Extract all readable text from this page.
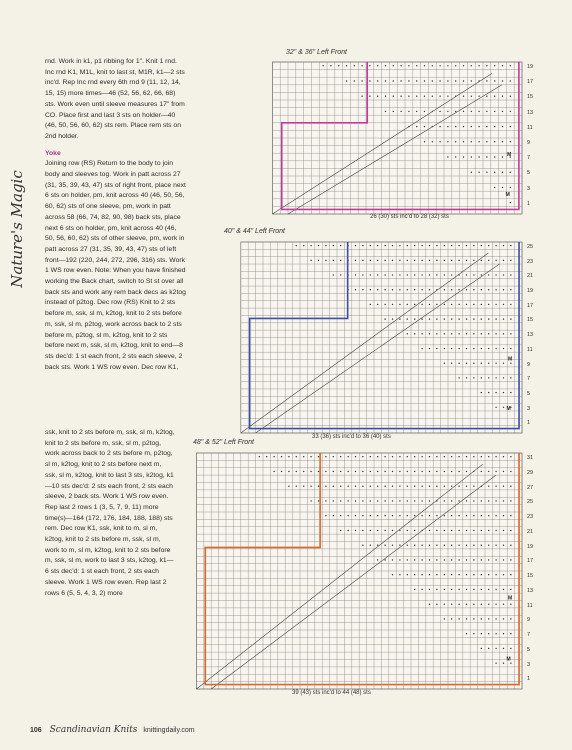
Nature's Magic

rnd. Work in k1, p1 ribbing for 1". Knit 1 rnd. Inc rnd K1, M1L, knit to last st, M1R, k1—2 sts inc'd. Rep Inc rnd every 6th rnd 9 (11, 12, 14, 15, 15) more times—46 (52, 56, 62, 66, 68) sts. Work even until sleeve measures 17" from CO. Place first and last 3 sts on holder—40 (46, 50, 56, 60, 62) sts rem. Place rem sts on 2nd holder.

Yoke

Joining row (RS) Return to the body to join body and sleeves tog. Work in patt across 27 (31, 35, 39, 43, 47) sts of right front, place next 6 sts on holder, pm, knit across 40 (46, 50, 56, 60, 62) sts of one sleeve, pm, work in patt across 58 (66, 74, 82, 90, 98) back sts, place next 6 sts on holder, pm, knit across 40 (46, 50, 56, 60, 62) sts of other sleeve, pm, work in patt across 27 (31, 35, 39, 43, 47) sts of left front—192 (220, 244, 272, 296, 316) sts. Work 1 WS row even. Note: When you have finished working the Back chart, switch to St st over all back sts and work any rem back decs as k2tog instead of p2tog. Dec row (RS) Knit to 2 sts before m, ssk, sl m, k2tog, knit to 2 sts before m, ssk, sl m, p2tog, work across back to 2 sts before m, p2tog, sl m, k2tog, knit to 2 sts before next m, ssk, sl m, k2tog, knit to end—8 sts dec'd: 1 st each front, 2 sts each sleeve, 2 back sts. Work 1 WS row even. Dec row K1,

ssk, knit to 2 sts before m, ssk, sl m, k2tog, knit to 2 sts before m, ssk, sl m, p2tog, work across back to 2 sts before m, p2tog, sl m, k2tog, knit to 2 sts before next m, ssk, sl m, k2tog, knit to last 3 sts, k2tog, k1—10 sts dec'd: 2 sts each front, 2 sts each sleeve, 2 back sts. Work 1 WS row even. Rep last 2 rows 1 (3, 5, 7, 9, 11) more time(s)—164 (172, 176, 184, 188, 188) sts rem. Dec row K1, ssk, knit to m, sl m, k2tog, knit to 2 sts before m, ssk, sl m, work to m, sl m, k2tog, knit to 2 sts before m, ssk, sl m, work to last 3 sts, k2tog, k1—6 sts dec'd: 1 st each front, 2 sts each sleeve. Work 1 WS row even. Rep last 2 rows 6 (5, 5, 4, 3, 2) more

32" & 36" Left Front
M
M
26 (30) sts inc'd to 28 (32) sts
40" & 44" Left Front
M
M
33 (36) sts inc'd to 36 (40) sts
48" & 52" Left Front
M
M
39 (43) sts inc'd to 44 (48) sts
19
17
15
13
11
9
7
5
3
1
25
23
21
19
17
15
13
11
9
7
5
3
1
31
29
27
25
23
21
19
17
15
13
11
9
7
5
3
1
106 Scandinavian Knits knittingdaily.com
